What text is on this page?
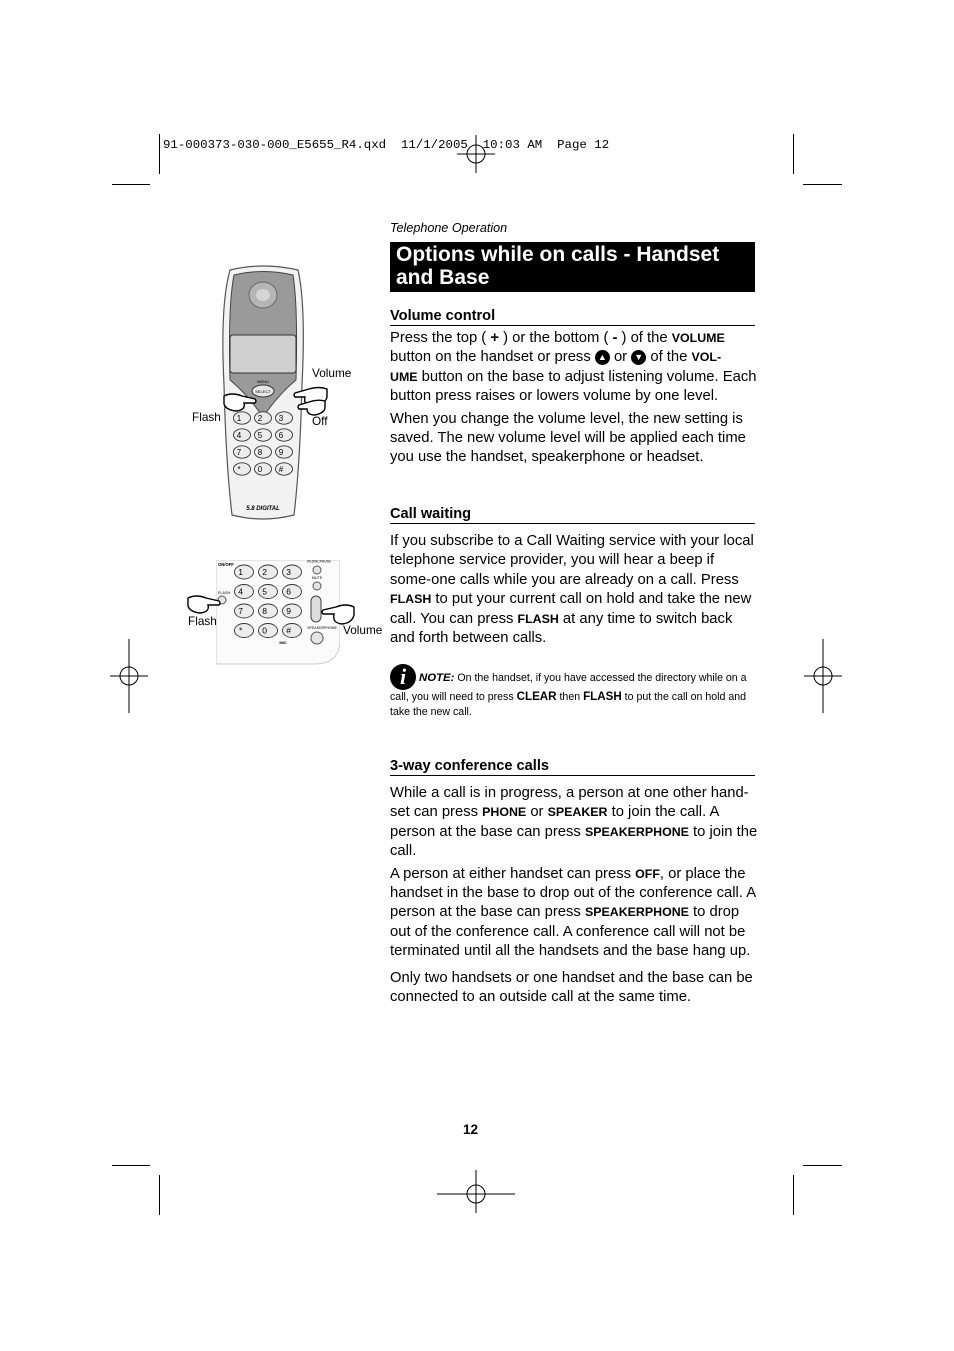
91-000373-030-000_E5655_R4.qxd  11/1/2005  10:03 AM  Page 12
Telephone Operation
Options while on calls - Handset
and Base
SELECT
MENU
1 2 3
4 5 6
7 8 9
* 0 #
5.8 DIGITAL
Volume
Flash	Off
ON/OFF
REDIAL/PAUSE
MUTE
FLASH
SPEAKERPHONE
MIC
1 2 3
4 5 6
7 8 9
* 0 #
Flash
Volume
Volume control

Press the top ( + ) or the bottom ( - ) of the VOLUME button on the handset or press ▲ or ▼ of the VOL-
UME button on the base to adjust listening volume. Each button press raises or lowers volume by one level.

When you change the volume level, the new setting is saved. The new volume level will be applied each time you use the handset, speakerphone or headset.

Call waiting

If you subscribe to a Call Waiting service with your local telephone service provider, you will hear a beep if some-one calls while you are already on a call. Press FLASH to put your current call on hold and take the new call. You can press FLASH at any time to switch back and forth between calls.

i NOTE: On the handset, if you have accessed the directory while on a call, you will need to press CLEAR then FLASH to put the call on hold and take the new call.
3-way conference calls

While a call is in progress, a person at one other hand-set can press PHONE or SPEAKER to join the call. A person at the base can press SPEAKERPHONE to join the call.

A person at either handset can press OFF, or place the handset in the base to drop out of the conference call. A person at the base can press SPEAKERPHONE to drop out of the conference call. A conference call will not be terminated until all the handsets and the base hang up.

Only two handsets or one handset and the base can be connected to an outside call at the same time.

12
